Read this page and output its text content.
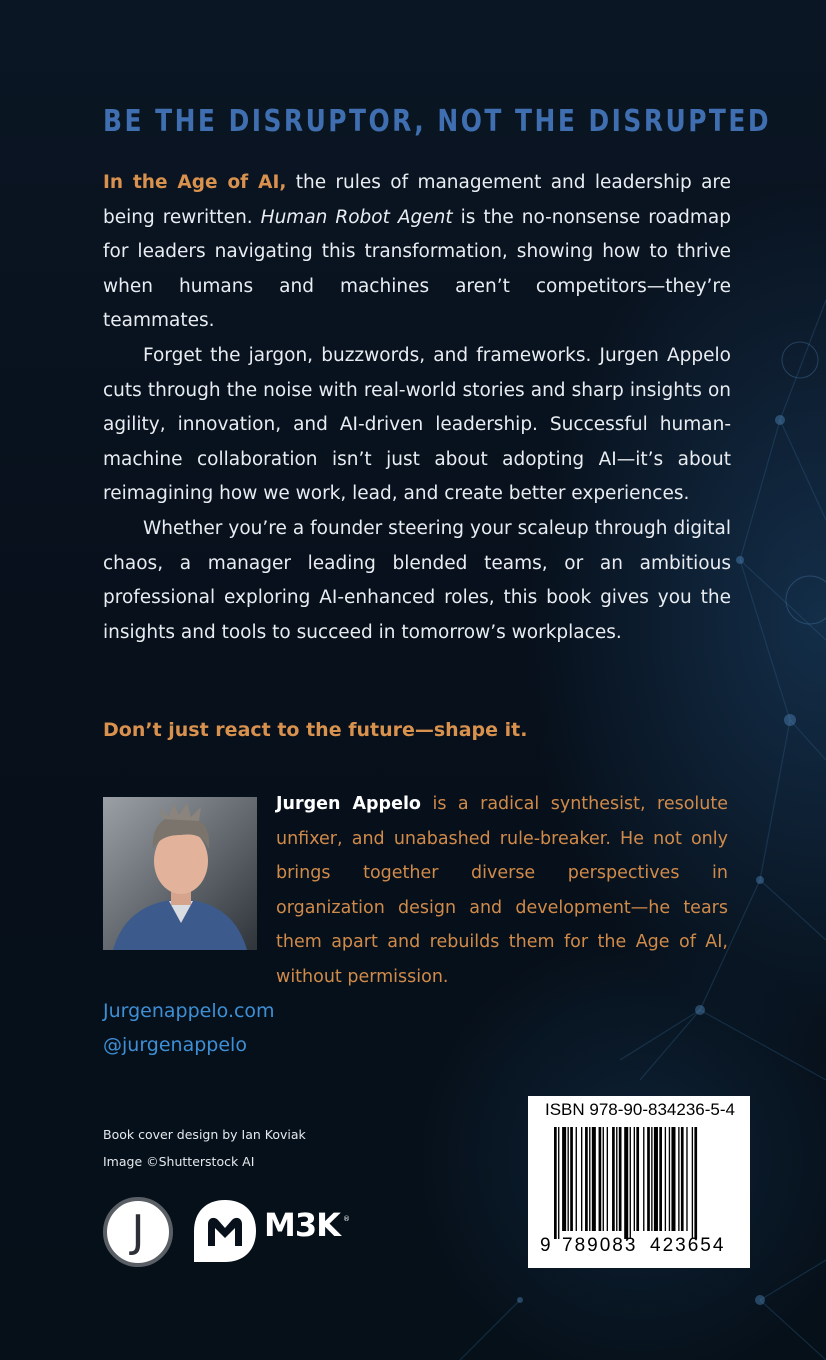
BE THE DISRUPTOR, NOT THE DISRUPTED

In the Age of AI, the rules of management and leadership are being rewritten. Human Robot Agent is the no-nonsense roadmap for leaders navigating this transformation, showing how to thrive when humans and machines aren’t competitors—they’re teammates.

Forget the jargon, buzzwords, and frameworks. Jurgen Appelo cuts through the noise with real-world stories and sharp insights on agility, innovation, and AI-driven leadership. Successful human-machine collaboration isn’t just about adopting AI—it’s about reimagining how we work, lead, and create better experiences.

Whether you’re a founder steering your scaleup through digital chaos, a manager leading blended teams, or an ambitious professional exploring AI-enhanced roles, this book gives you the insights and tools to succeed in tomorrow’s workplaces.

Don’t just react to the future—shape it.
Jurgen Appelo is a radical synthesist, resolute unfixer, and unabashed rule-breaker. He not only brings together diverse perspectives in organization design and development—he tears them apart and rebuilds them for the Age of AI, without permission.
Jurgenappelo.com
@jurgenappelo
Book cover design by Ian Koviak
Image ©Shutterstock AI
J	M3K ®
ISBN 978-90-834236-5-4
9 789083 423654
